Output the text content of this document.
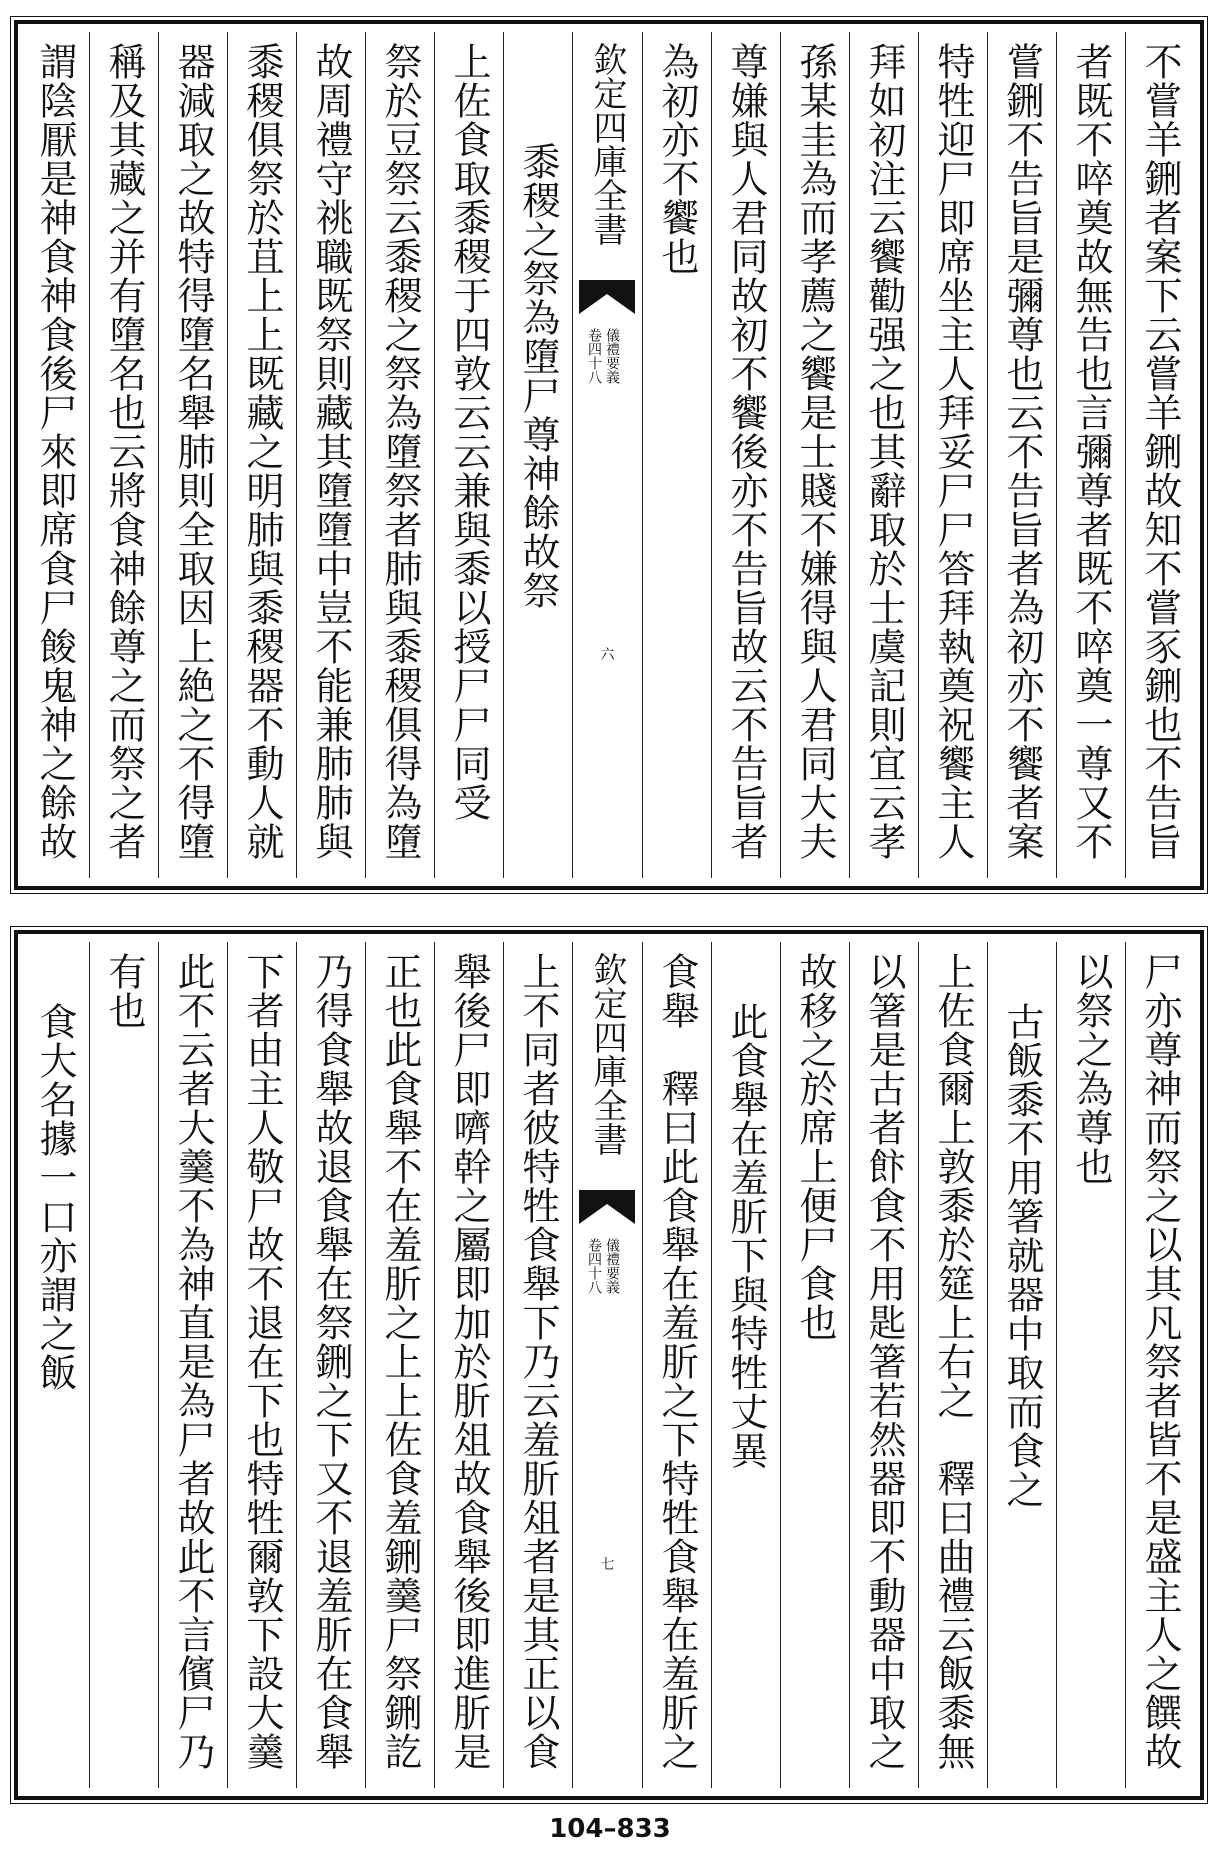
不嘗羊鉶者案下云嘗羊鉶故知不嘗豕鉶也不告旨
者既不啐奠故無告也言彌尊者既不啐奠一尊又不
嘗鉶不告旨是彌尊也云不告旨者為初亦不饗者案
特牲迎尸即席坐主人拜妥尸尸答拜執奠祝饗主人
拜如初注云饗勸强之也其辭取於士虞記則宜云孝
孫某圭為而孝薦之饗是士賤不嫌得與人君同大夫
尊嫌與人君同故初不饗後亦不告旨故云不告旨者
為初亦不饗也
欽定四庫全書
儀禮要義
卷四十八
六
黍稷之祭為墮尸尊神餘故祭
上佐食取黍稷于四敦云云兼與黍以授尸尸同受
祭於豆祭云黍稷之祭為墮祭者肺與黍稷俱得為墮
故周禮守祧職既祭則藏其墮墮中豈不能兼肺肺與
黍稷俱祭於苴上上既藏之明肺與黍稷器不動人就
器減取之故特得墮名舉肺則全取因上絶之不得墮
稱及其藏之并有墮名也云將食神餘尊之而祭之者
謂陰厭是神食神食後尸來即席食尸餕鬼神之餘故
尸亦尊神而祭之以其凡祭者皆不是盛主人之饌故
以祭之為尊也
古飯黍不用箸就器中取而食之
上佐食爾上敦黍於筵上右之　釋曰曲禮云飯黍無
以箸是古者飰食不用匙箸若然器即不動器中取之
故移之於席上便尸食也
此食舉在羞肵下與特牲丈異
食舉　釋曰此食舉在羞肵之下特牲食舉在羞肵之
欽定四庫全書
儀禮要義
卷四十八
七
上不同者彼特牲食舉下乃云羞肵俎者是其正以食
舉後尸即嚌幹之屬即加於肵俎故食舉後即進肵是
正也此食舉不在羞肵之上上佐食羞鉶羹尸祭鉶訖
乃得食舉故退食舉在祭鉶之下又不退羞肵在食舉
下者由主人敬尸故不退在下也特牲爾敦下設大羹
此不云者大羹不為神直是為尸者故此不言儐尸乃
有也
食大名據一口亦謂之飯
104–833
